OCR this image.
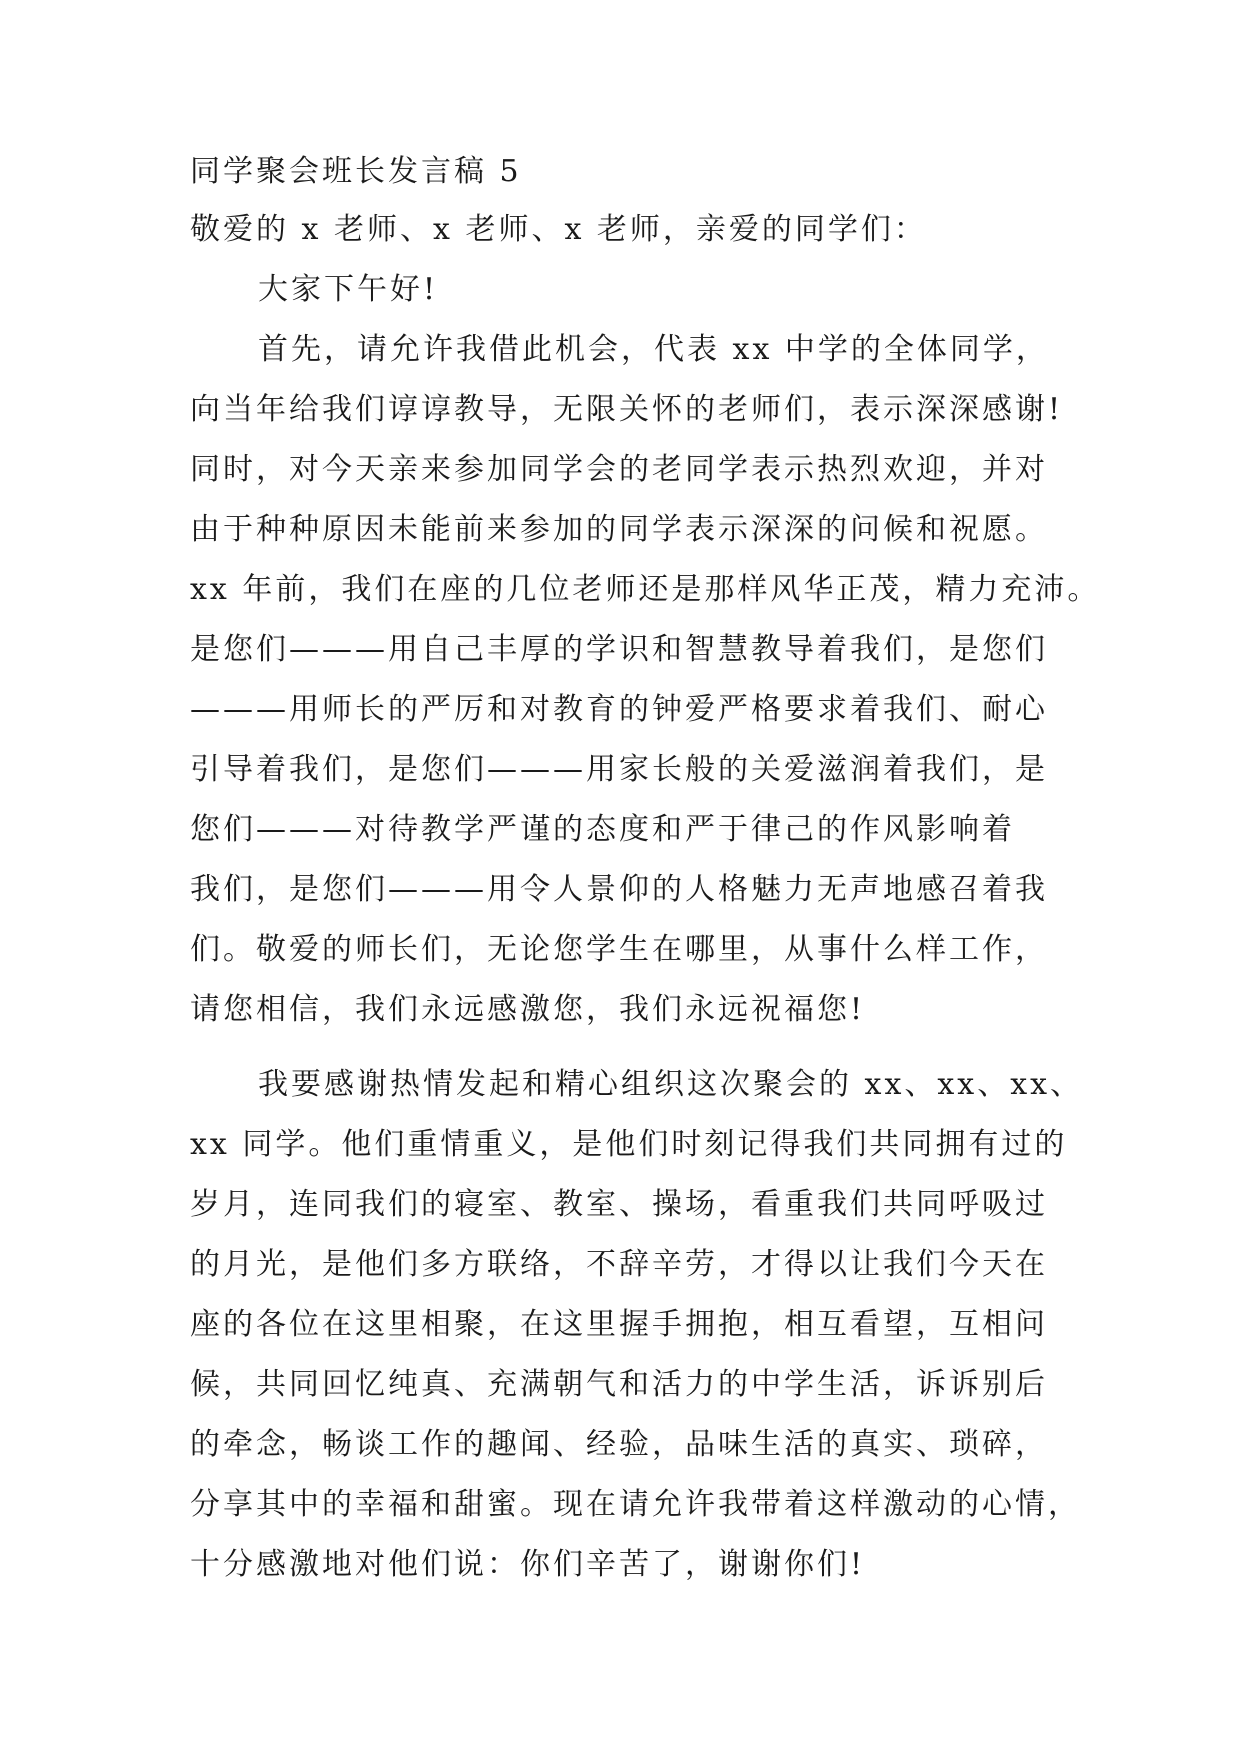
同学聚会班长发言稿 5
敬爱的 x 老师、x 老师、x 老师，亲爱的同学们：
大家下午好!
首先，请允许我借此机会，代表 xx 中学的全体同学，
向当年给我们谆谆教导，无限关怀的老师们，表示深深感谢!
同时，对今天亲来参加同学会的老同学表示热烈欢迎，并对
由于种种原因未能前来参加的同学表示深深的问候和祝愿。
xx 年前，我们在座的几位老师还是那样风华正茂，精力充沛。
是您们———用自己丰厚的学识和智慧教导着我们，是您们
———用师长的严厉和对教育的钟爱严格要求着我们、耐心
引导着我们，是您们———用家长般的关爱滋润着我们，是
您们———对待教学严谨的态度和严于律己的作风影响着
我们，是您们———用令人景仰的人格魅力无声地感召着我
们。敬爱的师长们，无论您学生在哪里，从事什么样工作，
请您相信，我们永远感激您，我们永远祝福您!
我要感谢热情发起和精心组织这次聚会的 xx、xx、xx、
xx 同学。他们重情重义，是他们时刻记得我们共同拥有过的
岁月，连同我们的寝室、教室、操场，看重我们共同呼吸过
的月光，是他们多方联络，不辞辛劳，才得以让我们今天在
座的各位在这里相聚，在这里握手拥抱，相互看望，互相问
候，共同回忆纯真、充满朝气和活力的中学生活，诉诉别后
的牵念，畅谈工作的趣闻、经验，品味生活的真实、琐碎，
分享其中的幸福和甜蜜。现在请允许我带着这样激动的心情，
十分感激地对他们说：你们辛苦了，谢谢你们!
